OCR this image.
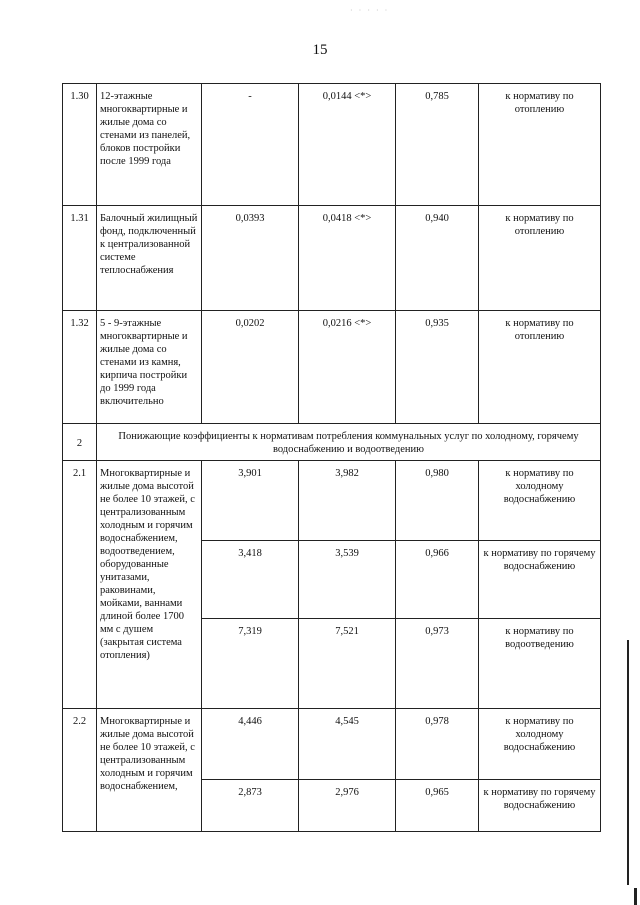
· · · · ·
15
1.30	12-этажные многоквартирные и жилые дома со стенами из панелей, блоков постройки после 1999 года	-	0,0144 <*>	0,785	к нормативу по отоплению
1.31	Балочный жилищный фонд, подключенный к централизованной системе теплоснабжения	0,0393	0,0418 <*>	0,940	к нормативу по отоплению
1.32	5 - 9-этажные многоквартирные и жилые дома со стенами из камня, кирпича постройки до 1999 года включительно	0,0202	0,0216 <*>	0,935	к нормативу по отоплению
2	Понижающие коэффициенты к нормативам потребления коммунальных услуг по холодному, горячему водоснабжению и водоотведению				
2.1	Многоквартирные и жилые дома высотой не более 10 этажей, с централизованным холодным и горячим водоснабжением, водоотведением, оборудованные унитазами, раковинами, мойками, ваннами длиной более 1700 мм с душем (закрытая система отопления)	3,901	3,982	0,980	к нормативу по холодному водоснабжению
		3,418	3,539	0,966	к нормативу по горячему водоснабжению
		7,319	7,521	0,973	к нормативу по водоотведению
2.2	Многоквартирные и жилые дома высотой не более 10 этажей, с централизованным холодным и горячим водоснабжением,	4,446	4,545	0,978	к нормативу по холодному водоснабжению
		2,873	2,976	0,965	к нормативу по горячему водоснабжению
